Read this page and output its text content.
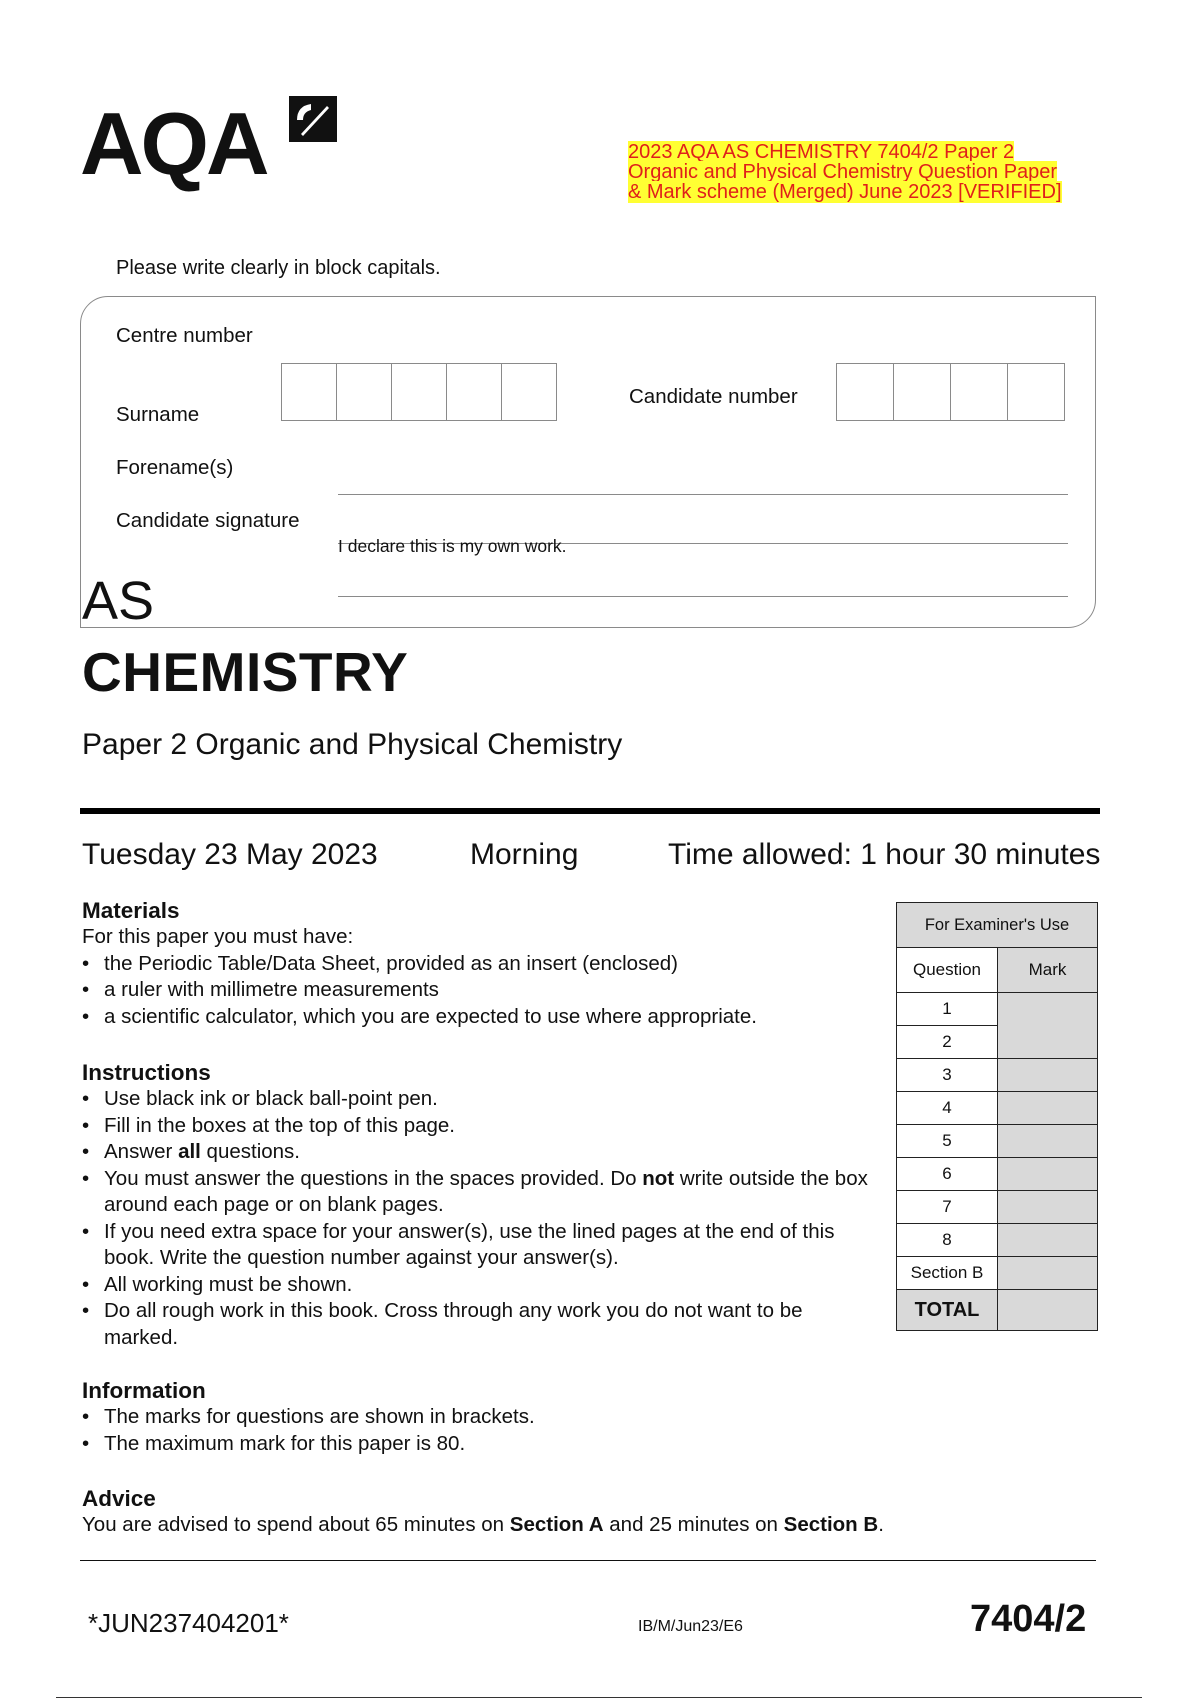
AQA	2023 AQA AS CHEMISTRY 7404/2 Paper 2 Organic and Physical Chemistry Question Paper & Mark scheme (Merged) June 2023 [VERIFIED]
Please write clearly in block capitals.
Centre number
Candidate number
Surname
Forename(s)
Candidate signature
I declare this is my own work.
AS
CHEMISTRY
Paper 2 Organic and Physical Chemistry
Tuesday 23 May 2023	Morning	Time allowed: 1 hour 30 minutes
Materials
For this paper you must have:
• the Periodic Table/Data Sheet, provided as an insert (enclosed)
• a ruler with millimetre measurements
• a scientific calculator, which you are expected to use where appropriate.
Instructions
• Use black ink or black ball-point pen.
• Fill in the boxes at the top of this page.
• Answer all questions.
• You must answer the questions in the spaces provided. Do not write outside the box around each page or on blank pages.
• If you need extra space for your answer(s), use the lined pages at the end of this book. Write the question number against your answer(s).
• All working must be shown.
• Do all rough work in this book. Cross through any work you do not want to be marked.
Information
• The marks for questions are shown in brackets.
• The maximum mark for this paper is 80.
Advice
You are advised to spend about 65 minutes on Section A and 25 minutes on Section B.
For Examiner's Use	
Question	Mark
1	
2	
3	
4	
5	
6	
7	
8	
Section B	
TOTAL	
*JUN237404201*	IB/M/Jun23/E6	7404/2
